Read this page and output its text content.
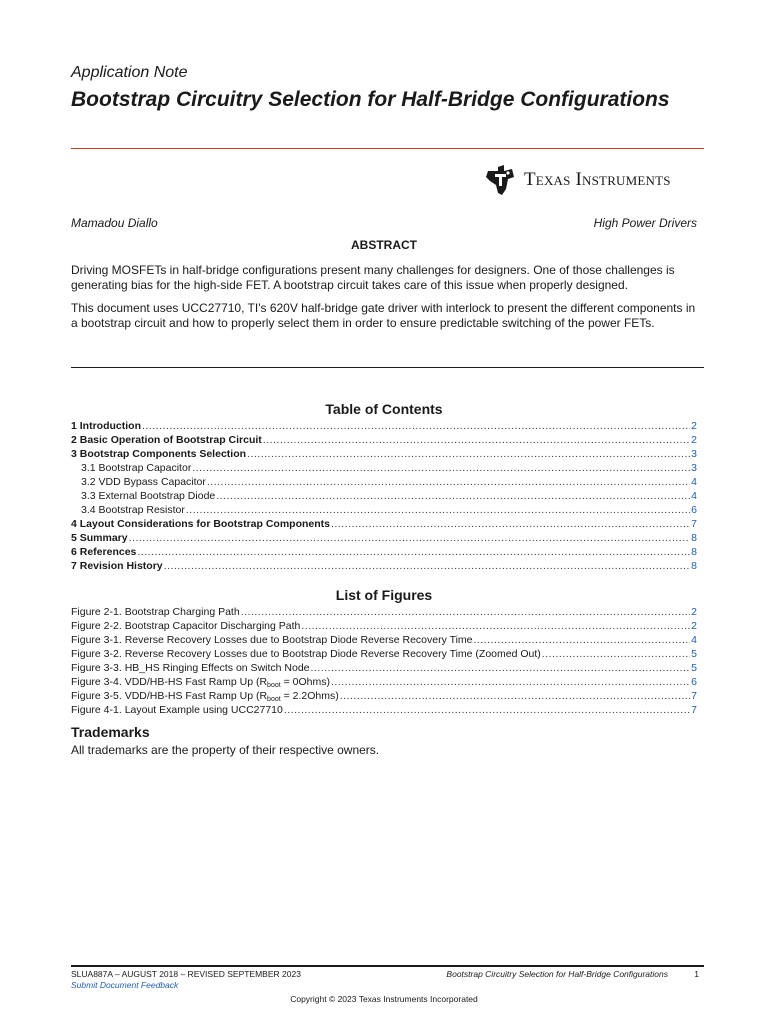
Application Note
Bootstrap Circuitry Selection for Half-Bridge Configurations
Texas Instruments
Mamadou Diallo	High Power Drivers
ABSTRACT
Driving MOSFETs in half-bridge configurations present many challenges for designers. One of those challenges is generating bias for the high-side FET. A bootstrap circuit takes care of this issue when properly designed.
This document uses UCC27710, TI's 620V half-bridge gate driver with interlock to present the different components in a bootstrap circuit and how to properly select them in order to ensure predictable switching of the power FETs.
Table of Contents
1 Introduction .....	2
2 Basic Operation of Bootstrap Circuit .....	2
3 Bootstrap Components Selection .....	3
3.1 Bootstrap Capacitor .....	3
3.2 VDD Bypass Capacitor .....	4
3.3 External Bootstrap Diode .....	4
3.4 Bootstrap Resistor .....	6
4 Layout Considerations for Bootstrap Components .....	7
5 Summary .....	8
6 References .....	8
7 Revision History .....	8
List of Figures
Figure 2-1. Bootstrap Charging Path .....	2
Figure 2-2. Bootstrap Capacitor Discharging Path .....	2
Figure 3-1. Reverse Recovery Losses due to Bootstrap Diode Reverse Recovery Time .....	4
Figure 3-2. Reverse Recovery Losses due to Bootstrap Diode Reverse Recovery Time (Zoomed Out) .....	5
Figure 3-3. HB_HS Ringing Effects on Switch Node .....	5
Figure 3-4. VDD/HB-HS Fast Ramp Up ($R_{boot}$ = 0Ohms) .....	6
Figure 3-5. VDD/HB-HS Fast Ramp Up ($R_{boot}$ = 2.2Ohms) .....	7
Figure 4-1. Layout Example using UCC27710 .....	7
Trademarks
All trademarks are the property of their respective owners.
SLUA887A – AUGUST 2018 – REVISED SEPTEMBER 2023	Bootstrap Circuitry Selection for Half-Bridge Configurations	1
Submit Document Feedback
Copyright © 2023 Texas Instruments Incorporated
